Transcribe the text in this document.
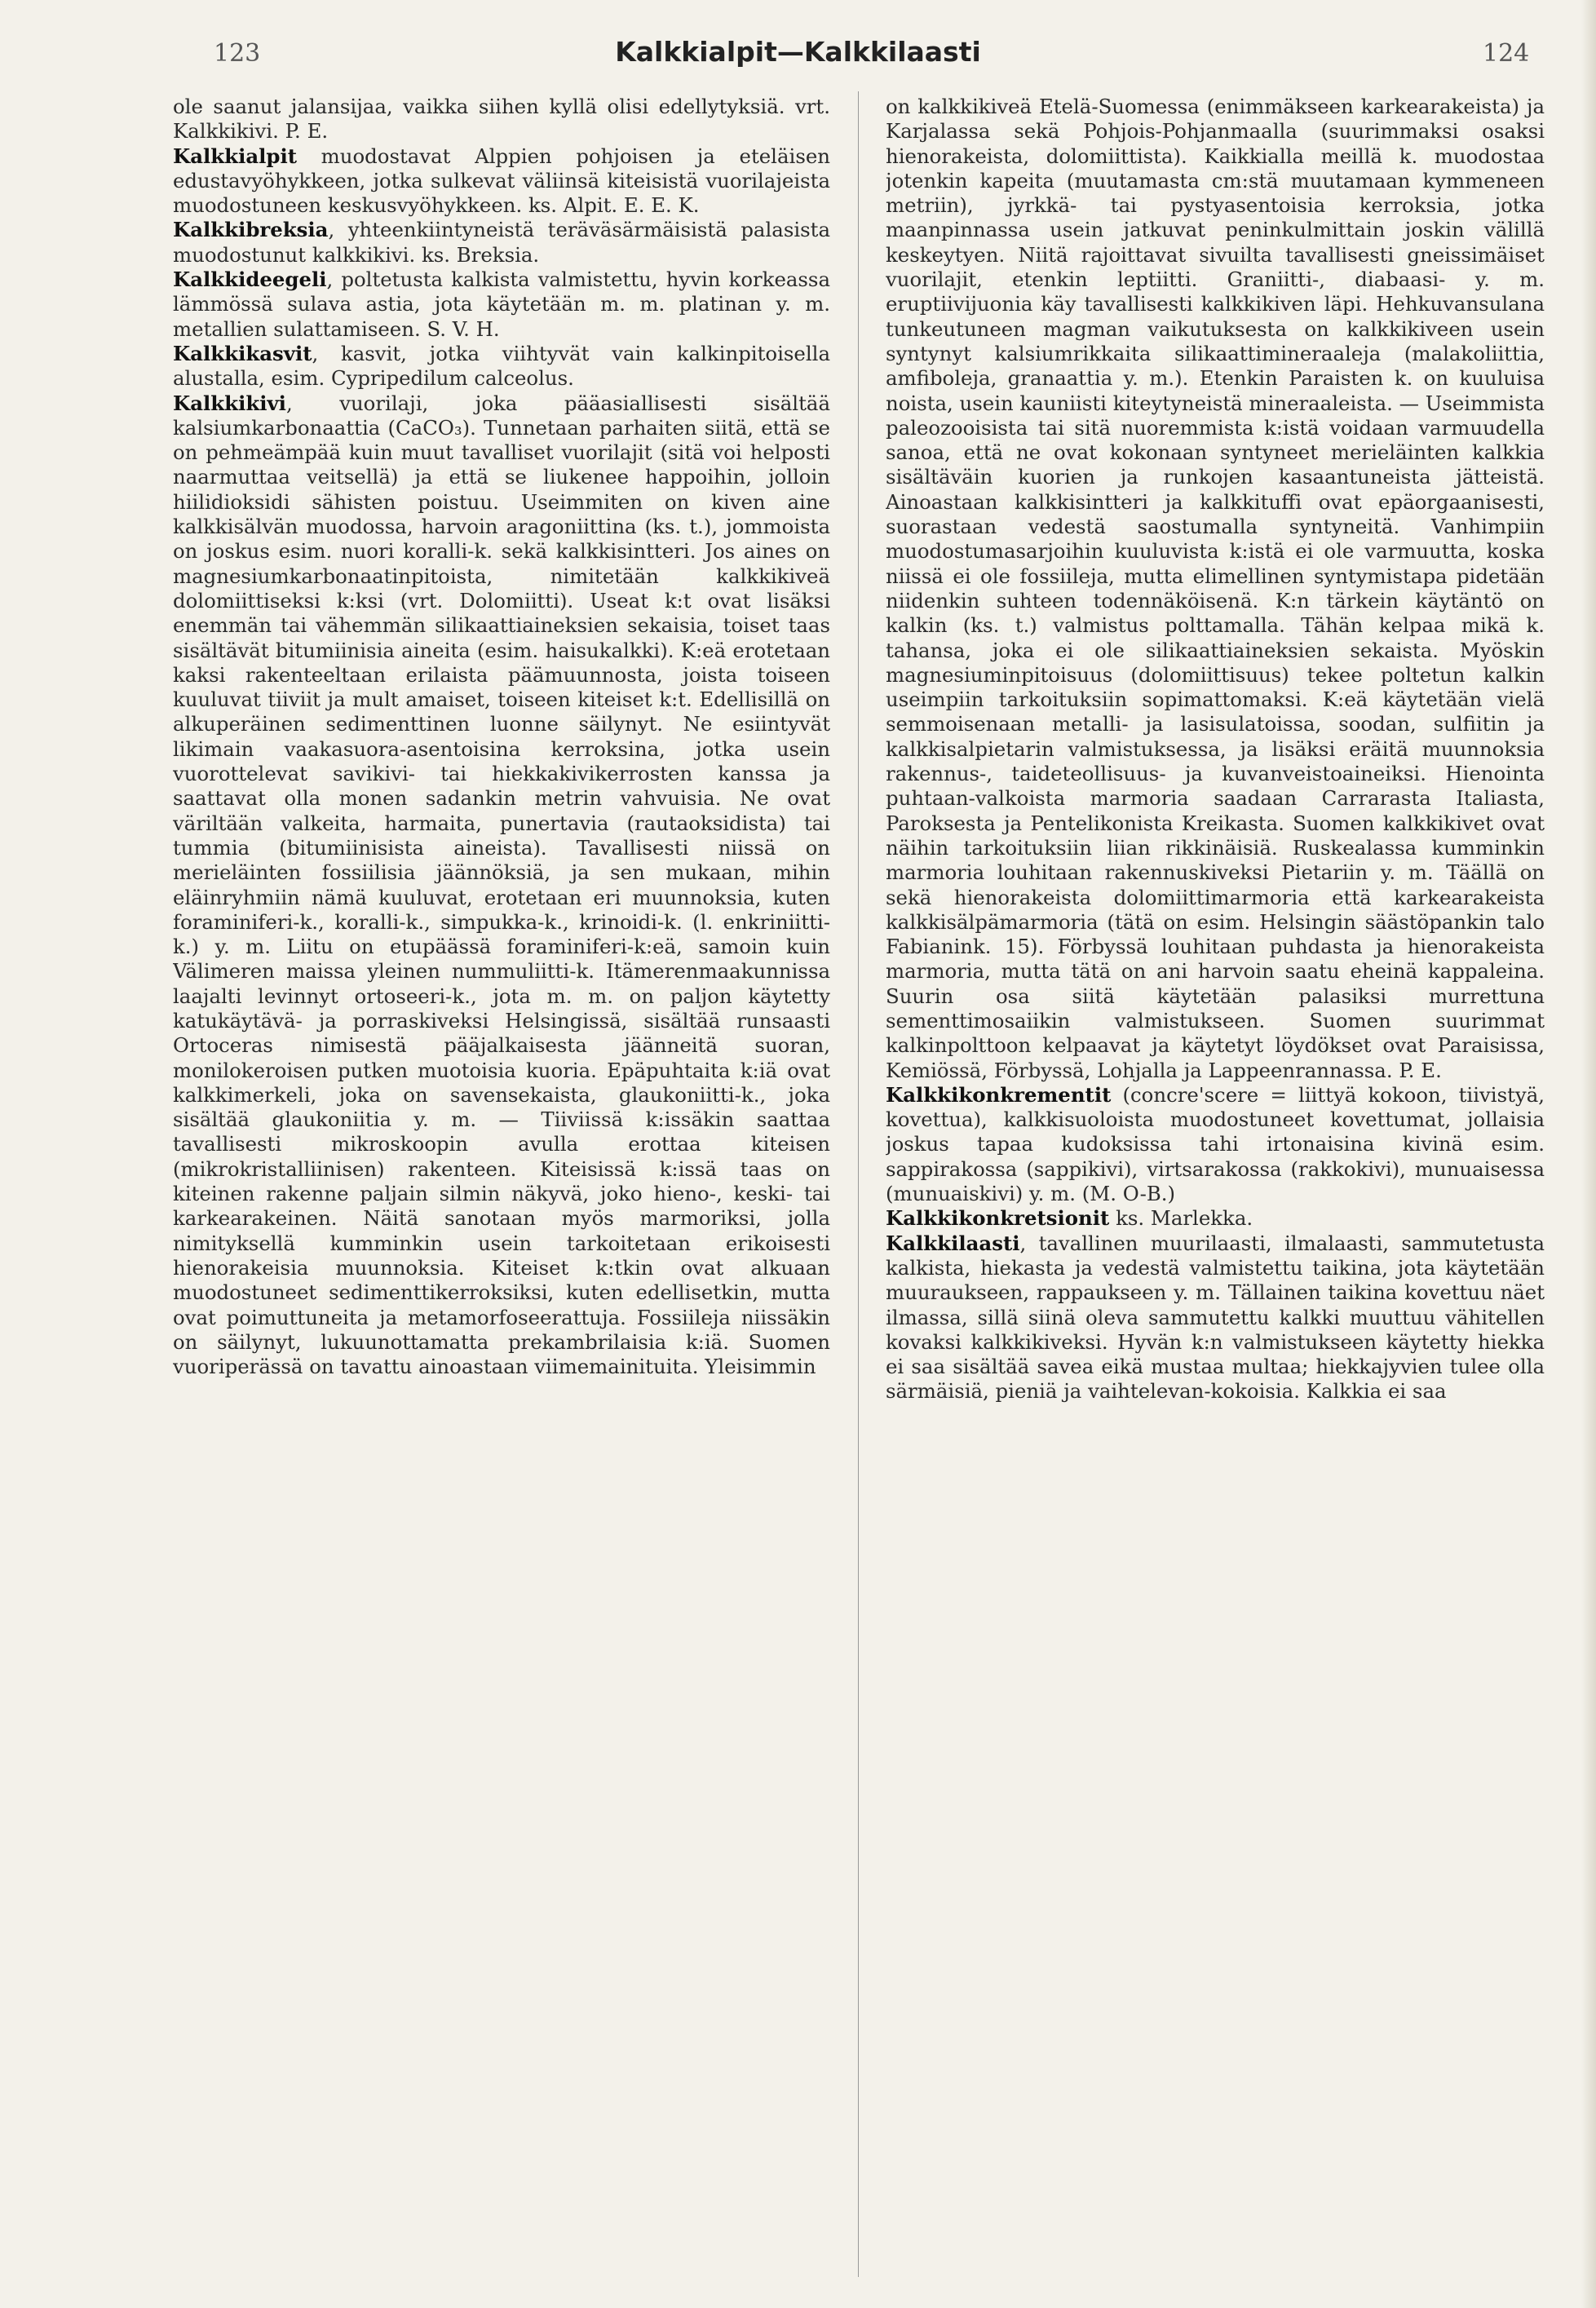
123	Kalkkialpit—Kalkkilaasti	124

ole saanut jalansijaa, vaikka siihen kyllä olisi edellytyksiä. vrt. Kalkkikivi. P. E.

Kalkkialpit muodostavat Alppien pohjoisen ja eteläisen edustavyöhykkeen, jotka sulkevat väliinsä kiteisistä vuorilajeista muodostuneen keskusvyöhykkeen. ks. Alpit. E. E. K.

Kalkkibreksia, yhteenkiintyneistä teräväsärmäisistä palasista muodostunut kalkkikivi. ks. Breksia.

Kalkkideegeli, poltetusta kalkista valmistettu, hyvin korkeassa lämmössä sulava astia, jota käytetään m. m. platinan y. m. metallien sulattamiseen. S. V. H.

Kalkkikasvit, kasvit, jotka viihtyvät vain kalkinpitoisella alustalla, esim. Cypripedilum calceolus.

Kalkkikivi, vuorilaji, joka pääasiallisesti sisältää kalsiumkarbonaattia (CaCO₃). Tunnetaan parhaiten siitä, että se on pehmeämpää kuin muut tavalliset vuorilajit (sitä voi helposti naarmuttaa veitsellä) ja että se liukenee happoihin, jolloin hiilidioksidi sähisten poistuu. Useimmiten on kiven aine kalkkisälvän muodossa, harvoin aragoniittina (ks. t.), jommoista on joskus esim. nuori koralli-k. sekä kalkkisintteri. Jos aines on magnesiumkarbonaatinpitoista, nimitetään kalkkikiveä dolomiittiseksi k:ksi (vrt. Dolomiitti). Useat k:t ovat lisäksi enemmän tai vähemmän silikaattiaineksien sekaisia, toiset taas sisältävät bitumiinisia aineita (esim. haisukalkki). K:eä erotetaan kaksi rakenteeltaan erilaista päämuunnosta, joista toiseen kuuluvat tiiviit ja mult amaiset, toiseen kiteiset k:t. Edellisillä on alkuperäinen sedimenttinen luonne säilynyt. Ne esiintyvät likimain vaakasuora-asentoisina kerroksina, jotka usein vuorottelevat savikivi- tai hiekkakivikerrosten kanssa ja saattavat olla monen sadankin metrin vahvuisia. Ne ovat väriltään valkeita, harmaita, punertavia (rautaoksidista) tai tummia (bitumiinisista aineista). Tavallisesti niissä on merieläinten fossiilisia jäännöksiä, ja sen mukaan, mihin eläinryhmiin nämä kuuluvat, erotetaan eri muunnoksia, kuten foraminiferi-k., koralli-k., simpukka-k., krinoidi-k. (l. enkriniitti-k.) y. m. Liitu on etupäässä foraminiferi-k:eä, samoin kuin Välimeren maissa yleinen nummuliitti-k. Itämerenmaakunnissa laajalti levinnyt ortoseeri-k., jota m. m. on paljon käytetty katukäytävä- ja porraskiveksi Helsingissä, sisältää runsaasti Ortoceras nimisestä pääjalkaisesta jäänneitä suoran, monilokeroisen putken muotoisia kuoria. Epäpuhtaita k:iä ovat kalkkimerkeli, joka on savensekaista, glaukoniitti-k., joka sisältää glaukoniitia y. m. — Tiiviissä k:issäkin saattaa tavallisesti mikroskoopin avulla erottaa kiteisen (mikrokristalliinisen) rakenteen. Kiteisissä k:issä taas on kiteinen rakenne paljain silmin näkyvä, joko hieno-, keski- tai karkearakeinen. Näitä sanotaan myös marmoriksi, jolla nimityksellä kumminkin usein tarkoitetaan erikoisesti hienorakeisia muunnoksia. Kiteiset k:tkin ovat alkuaan muodostuneet sedimenttikerroksiksi, kuten edellisetkin, mutta ovat poimuttuneita ja metamorfoseerattuja. Fossiileja niissäkin on säilynyt, lukuunottamatta prekambrilaisia k:iä. Suomen vuoriperässä on tavattu ainoastaan viimemainituita. Yleisimmin

on kalkkikiveä Etelä-Suomessa (enimmäkseen karkearakeista) ja Karjalassa sekä Pohjois-Pohjanmaalla (suurimmaksi osaksi hienorakeista, dolomiittista). Kaikkialla meillä k. muodostaa jotenkin kapeita (muutamasta cm:stä muutamaan kymmeneen metriin), jyrkkä- tai pystyasentoisia kerroksia, jotka maanpinnassa usein jatkuvat peninkulmittain joskin välillä keskeytyen. Niitä rajoittavat sivuilta tavallisesti gneissimäiset vuorilajit, etenkin leptiitti. Graniitti-, diabaasi- y. m. eruptiivijuonia käy tavallisesti kalkkikiven läpi. Hehkuvansulana tunkeutuneen magman vaikutuksesta on kalkkikiveen usein syntynyt kalsiumrikkaita silikaattimineraaleja (malakoliittia, amfiboleja, granaattia y. m.). Etenkin Paraisten k. on kuuluisa noista, usein kauniisti kiteytyneistä mineraaleista. — Useimmista paleozooisista tai sitä nuoremmista k:istä voidaan varmuudella sanoa, että ne ovat kokonaan syntyneet merieläinten kalkkia sisältäväin kuorien ja runkojen kasaantuneista jätteistä. Ainoastaan kalkkisintteri ja kalkkituffi ovat epäorgaanisesti, suorastaan vedestä saostumalla syntyneitä. Vanhimpiin muodostumasarjoihin kuuluvista k:istä ei ole varmuutta, koska niissä ei ole fossiileja, mutta elimellinen syntymistapa pidetään niidenkin suhteen todennäköisenä. K:n tärkein käytäntö on kalkin (ks. t.) valmistus polttamalla. Tähän kelpaa mikä k. tahansa, joka ei ole silikaattiaineksien sekaista. Myöskin magnesiuminpitoisuus (dolomiittisuus) tekee poltetun kalkin useimpiin tarkoituksiin sopimattomaksi. K:eä käytetään vielä semmoisenaan metalli- ja lasisulatoissa, soodan, sulfiitin ja kalkkisalpietarin valmistuksessa, ja lisäksi eräitä muunnoksia rakennus-, taideteollisuus- ja kuvanveistoaineiksi. Hienointa puhtaan-valkoista marmoria saadaan Carrarasta Italiasta, Paroksesta ja Pentelikonista Kreikasta. Suomen kalkkikivet ovat näihin tarkoituksiin liian rikkinäisiä. Ruskealassa kumminkin marmoria louhitaan rakennuskiveksi Pietariin y. m. Täällä on sekä hienorakeista dolomiittimarmoria että karkearakeista kalkkisälpämarmoria (tätä on esim. Helsingin säästöpankin talo Fabianink. 15). Förbyssä louhitaan puhdasta ja hienorakeista marmoria, mutta tätä on ani harvoin saatu eheinä kappaleina. Suurin osa siitä käytetään palasiksi murrettuna sementtimosaiikin valmistukseen. Suomen suurimmat kalkinpolttoon kelpaavat ja käytetyt löydökset ovat Paraisissa, Kemiössä, Förbyssä, Lohjalla ja Lappeenrannassa. P. E.

Kalkkikonkrementit (concre'scere = liittyä kokoon, tiivistyä, kovettua), kalkkisuoloista muodostuneet kovettumat, jollaisia joskus tapaa kudoksissa tahi irtonaisina kivinä esim. sappirakossa (sappikivi), virtsarakossa (rakkokivi), munuaisessa (munuaiskivi) y. m. (M. O-B.)

Kalkkikonkretsionit ks. Marlekka.

Kalkkilaasti, tavallinen muurilaasti, ilmalaasti, sammutetusta kalkista, hiekasta ja vedestä valmistettu taikina, jota käytetään muuraukseen, rappaukseen y. m. Tällainen taikina kovettuu näet ilmassa, sillä siinä oleva sammutettu kalkki muuttuu vähitellen kovaksi kalkkikiveksi. Hyvän k:n valmistukseen käytetty hiekka ei saa sisältää savea eikä mustaa multaa; hiekkajyvien tulee olla särmäisiä, pieniä ja vaihtelevan-kokoisia. Kalkkia ei saa
